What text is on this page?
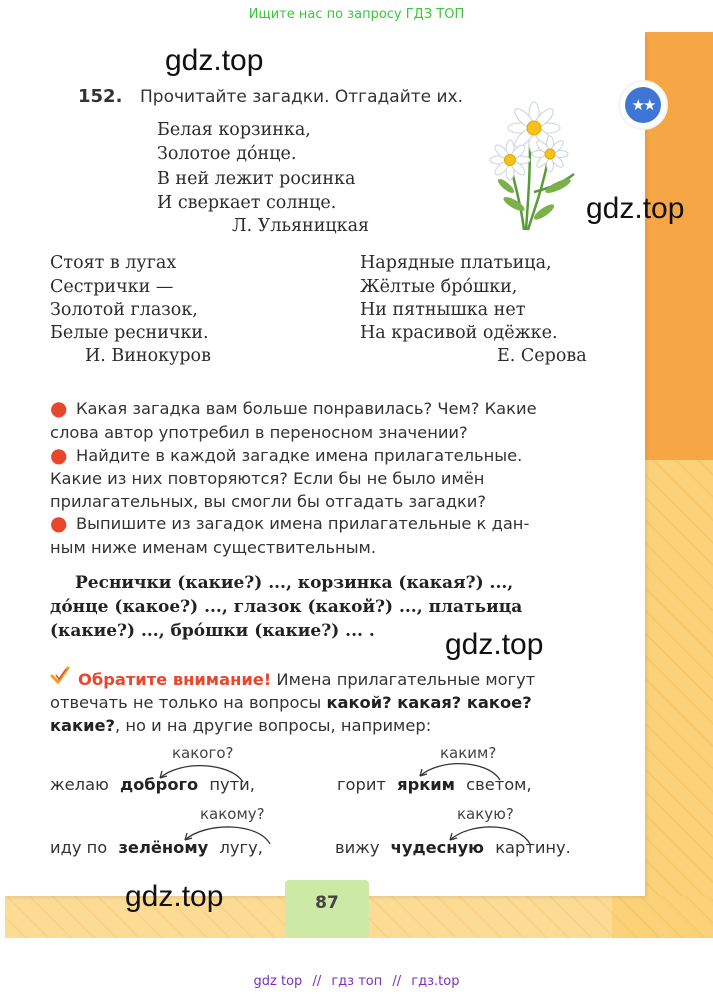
Ищите нас по запросу ГДЗ ТОП
★★
gdz.top
gdz.top
gdz.top
gdz.top
152. Прочитайте загадки. Отгадайте их.
Белая корзинка,
Золотое до́нце.
В ней лежит росинка
И сверкает солнце.
Л. Ульяницкая
Стоят в лугах
Сестрички —
Золотой глазок,
Белые реснички.
И. Винокуров
Нарядные платьица,
Жёлтые бро́шки,
Ни пятнышка нет
На красивой одёжке.
Е. Серова
● Какая загадка вам больше понравилась? Чем? Какие
слова автор употребил в переносном значении?
● Найдите в каждой загадке имена прилагательные.
Какие из них повторяются? Если бы не было имён
прилагательных, вы смогли бы отгадать загадки?
● Выпишите из загадок имена прилагательные к дан-
ным ниже именам существительным.
Реснички (какие?) ..., корзинка (какая?) ...,
до́нце (какое?) ..., глазок (какой?) ..., платьица
(какие?) ..., бро́шки (какие?) ... .
Обратите внимание! Имена прилагательные могут
отвечать не только на вопросы какой? какая? какое?
какие?, но и на другие вопросы, например:
какого?
желаю доброго пути,
каким?
горит ярким светом,
какому?
иду по зелёному лугу,
какую?
вижу чудесную картину.
87
gdz top // гдз топ // гдз.top
